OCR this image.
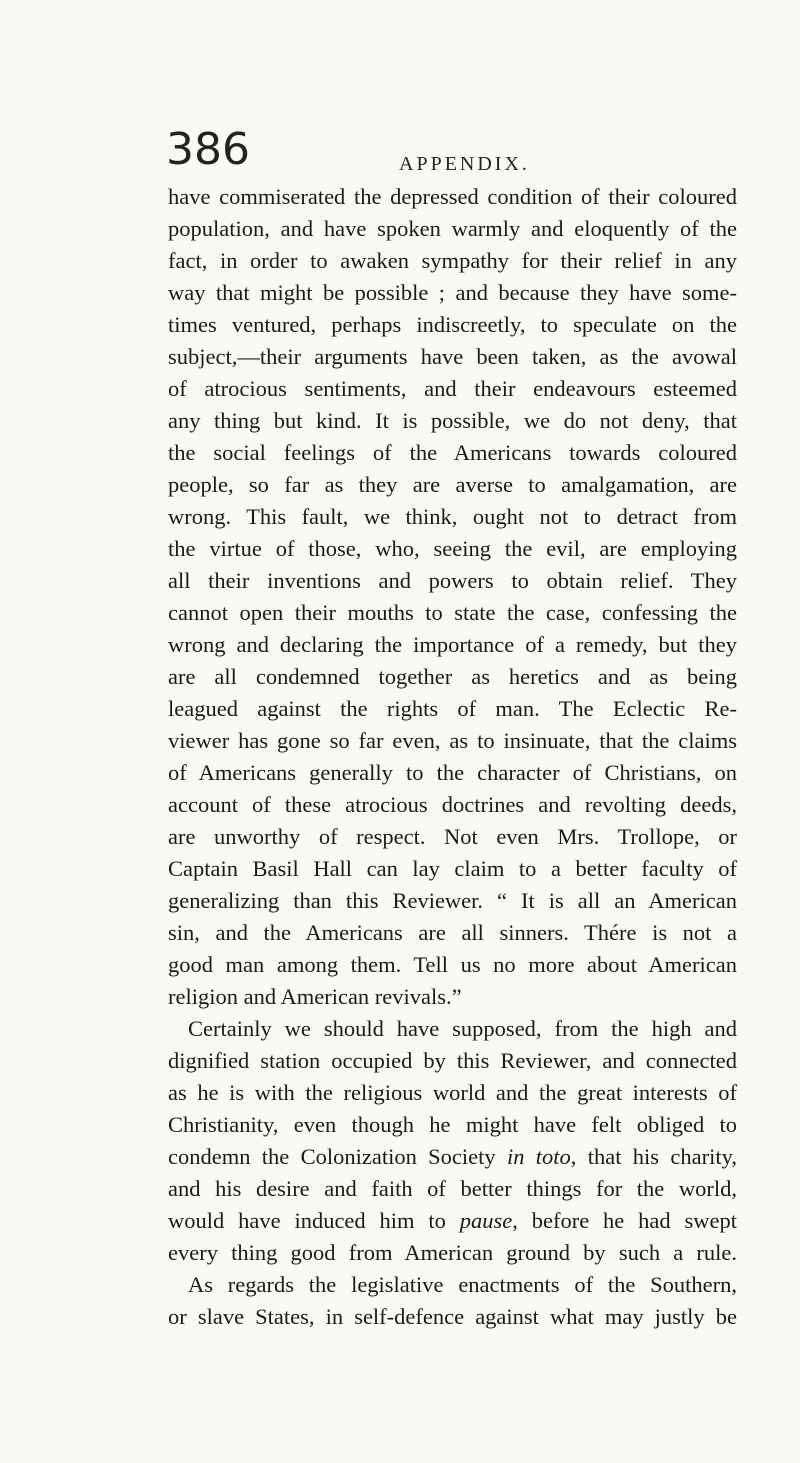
386	APPENDIX.
have commiserated the depressed condition of their coloured
population, and have spoken warmly and eloquently of the
fact, in order to awaken sympathy for their relief in any
way that might be possible ; and because they have some-
times ventured, perhaps indiscreetly, to speculate on the
subject,—their arguments have been taken, as the avowal
of atrocious sentiments, and their endeavours esteemed
any thing but kind. It is possible, we do not deny, that
the social feelings of the Americans towards coloured
people, so far as they are averse to amalgamation, are
wrong. This fault, we think, ought not to detract from
the virtue of those, who, seeing the evil, are employing
all their inventions and powers to obtain relief. They
cannot open their mouths to state the case, confessing the
wrong and declaring the importance of a remedy, but they
are all condemned together as heretics and as being
leagued against the rights of man. The Eclectic Re-
viewer has gone so far even, as to insinuate, that the claims
of Americans generally to the character of Christians, on
account of these atrocious doctrines and revolting deeds,
are unworthy of respect. Not even Mrs. Trollope, or
Captain Basil Hall can lay claim to a better faculty of
generalizing than this Reviewer. “ It is all an American
sin, and the Americans are all sinners. Thére is not a
good man among them. Tell us no more about American
religion and American revivals.”
Certainly we should have supposed, from the high and
dignified station occupied by this Reviewer, and connected
as he is with the religious world and the great interests of
Christianity, even though he might have felt obliged to
condemn the Colonization Society in toto, that his charity,
and his desire and faith of better things for the world,
would have induced him to pause, before he had swept
every thing good from American ground by such a rule.
As regards the legislative enactments of the Southern,
or slave States, in self-defence against what may justly be
